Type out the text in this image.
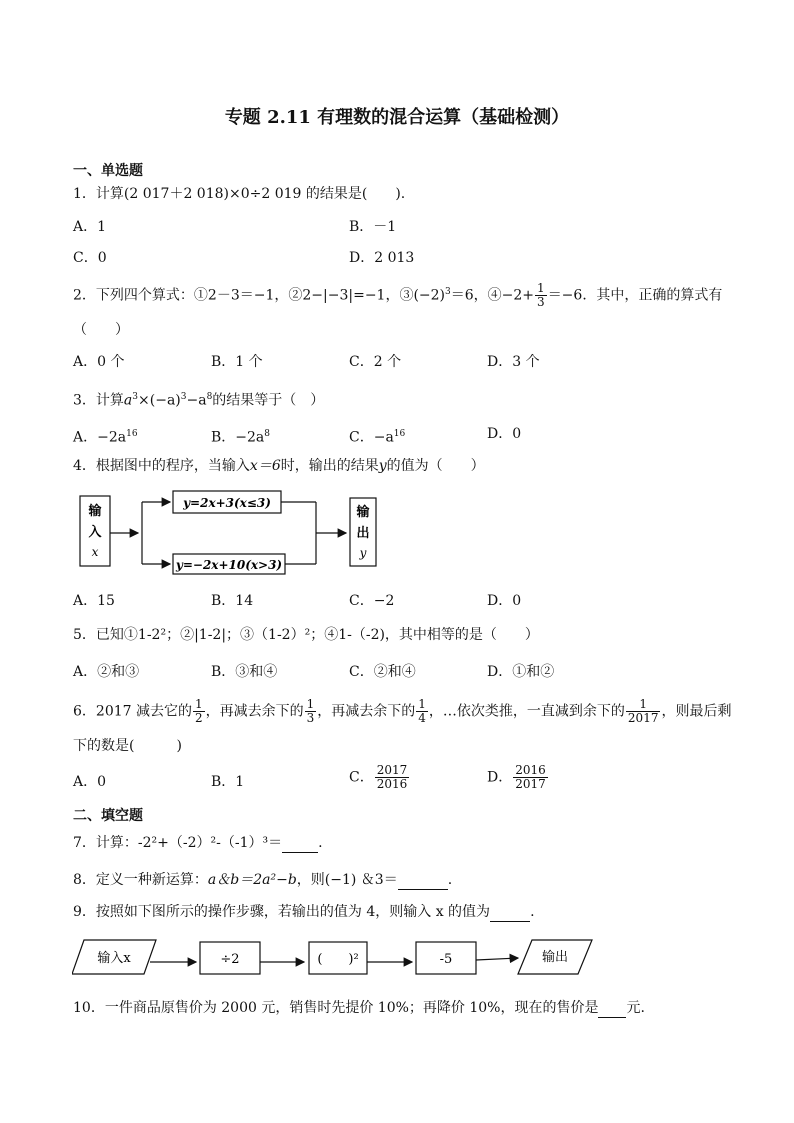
专题 2.11 有理数的混合运算（基础检测）
一、单选题
1．计算(2 017＋2 018)×0÷2 019 的结果是(　　).
A．1	B．－1
C．0	D．2 013
2．下列四个算式：①2－3＝−1，②2−|−3|=−1，$③(-2)^3=6$，④−2+ $\frac{1}{3} =-6$．其中，正确的算式有
（　　）
A．0 个	B．1 个	C．2 个	D．3 个
3．计算$a^3\times(-a)^3-a^8$的结果等于（　）
A．$-2a^{16}$	B．$-2a^8$	C．$-a^{16}$	D．0
4．根据图中的程序，当输入x＝6时，输出的结果y的值为（　　）
输
入
x
y=2x+3(x≤3)
y=−2x+10(x>3)
输
出
y
A．15	B．14	C．−2	D．0
5．已知①1-2²；②|1-2|；③（1-2）²；④1-（-2)，其中相等的是（　　）
A．②和③	B．③和④	C．②和④	D．①和②
6．2017 减去它的 $\frac{1}{2}$ ，再减去余下的 $\frac{1}{3}$ ，再减去余下的 $\frac{1}{4}$ ，…依次类推，一直减到余下的 $\frac{1}{2017}$ ，则最后剩
下的数是(　　　)
A．0	B．1	C． $\frac{2017}{2016}$	D． $\frac{2016}{2017}$
二、填空题
7．计算：-2²+（-2）²-（-1）³＝	.
8．定义一种新运算：a＆b＝2a²−b，则(−1) ＆3＝	.
9．按照如下图所示的操作步骤，若输出的值为 4，则输入 x 的值为	.
输入x	÷2	(　　)²	-5	输出
10．一件商品原售价为 2000 元，销售时先提价 10%；再降价 10%，现在的售价是 元.
